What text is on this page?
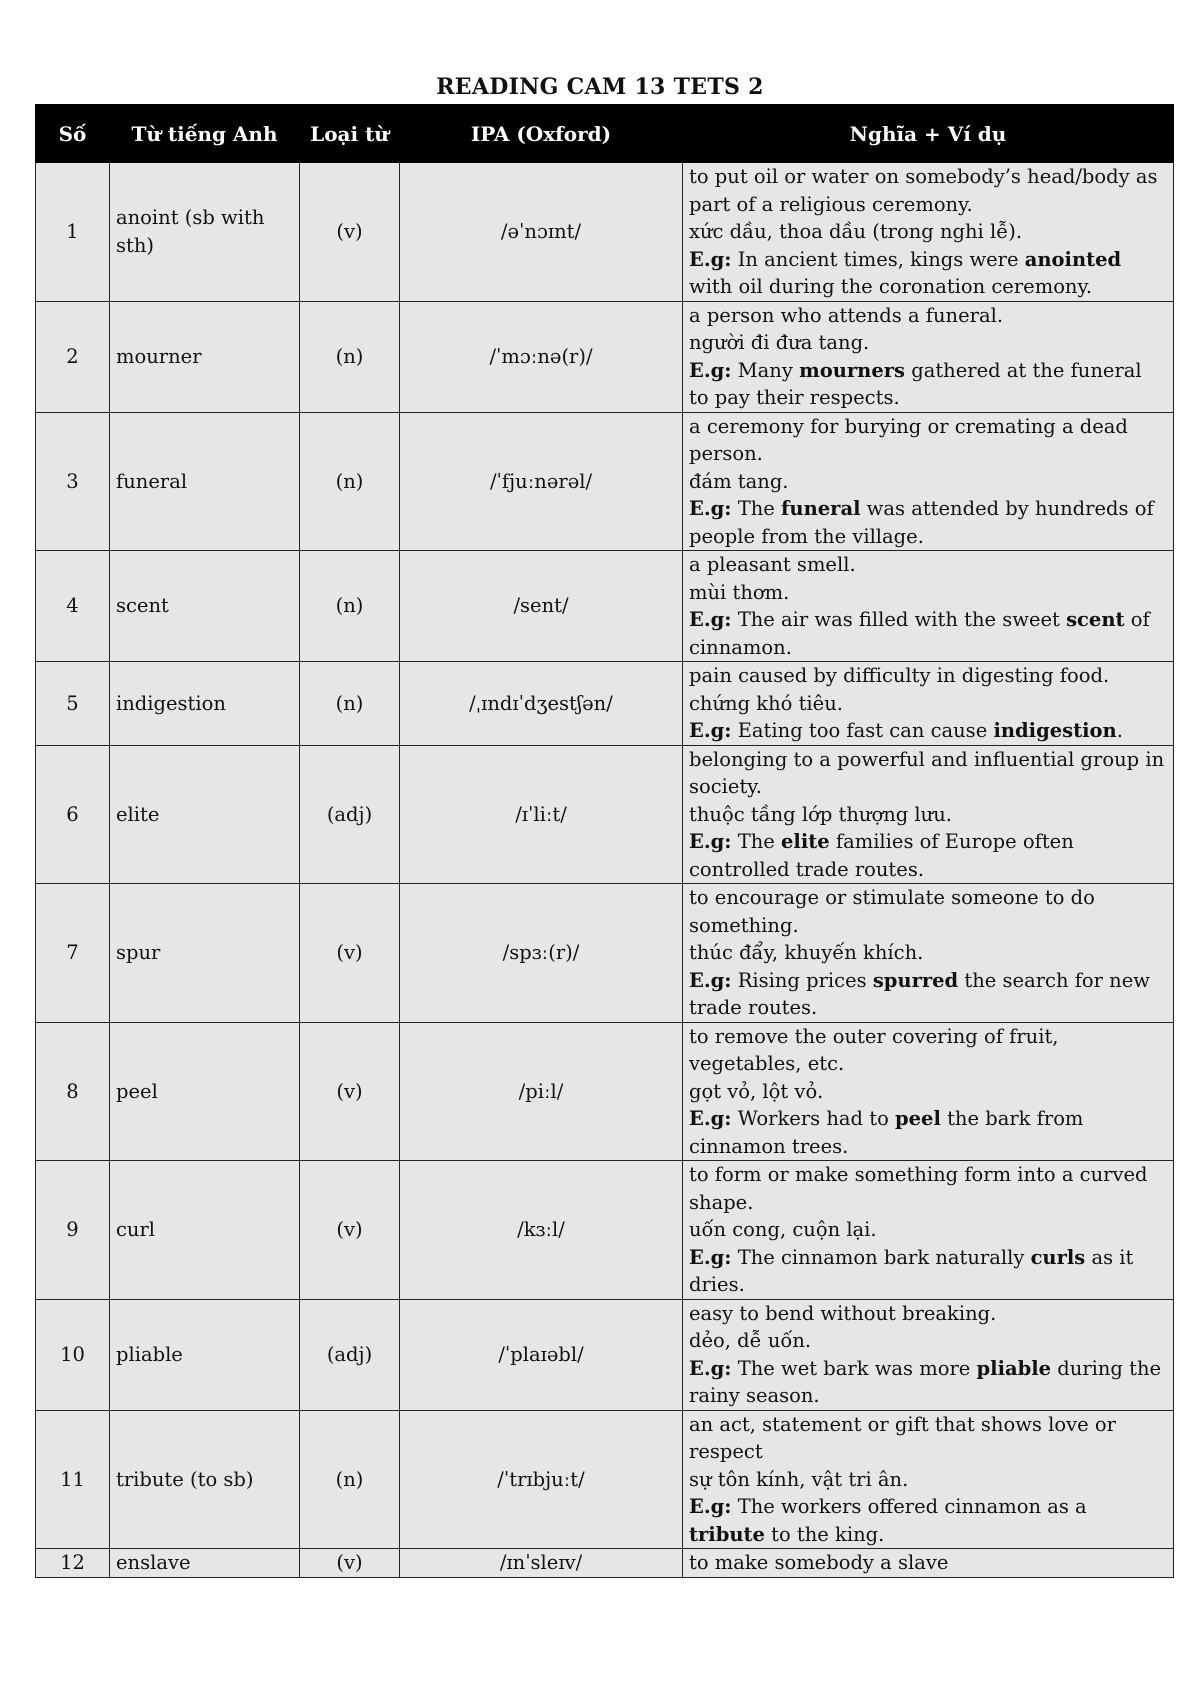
READING CAM 13 TETS 2
Số	Từ tiếng Anh	Loại từ	IPA (Oxford)	Nghĩa + Ví dụ
1	anoint (sb with sth)	(v)	/əˈnɔɪnt/	to put oil or water on somebody’s head/body as part of a religious ceremony.
xức dầu, thoa dầu (trong nghi lễ).
E.g: In ancient times, kings were anointed with oil during the coronation ceremony.

2	mourner	(n)	/ˈmɔːnə(r)/	a person who attends a funeral.
người đi đưa tang.
E.g: Many mourners gathered at the funeral to pay their respects.

3	funeral	(n)	/ˈfjuːnərəl/	a ceremony for burying or cremating a dead person.
đám tang.
E.g: The funeral was attended by hundreds of people from the village.

4	scent	(n)	/sent/	a pleasant smell.
mùi thơm.
E.g: The air was filled with the sweet scent of cinnamon.

5	indigestion	(n)	/ˌɪndɪˈdʒestʃən/	pain caused by difficulty in digesting food.
chứng khó tiêu.
E.g: Eating too fast can cause indigestion.

6	elite	(adj)	/ɪˈliːt/	belonging to a powerful and influential group in society.
thuộc tầng lớp thượng lưu.
E.g: The elite families of Europe often controlled trade routes.

7	spur	(v)	/spɜː(r)/	to encourage or stimulate someone to do something.
thúc đẩy, khuyến khích.
E.g: Rising prices spurred the search for new trade routes.

8	peel	(v)	/piːl/	to remove the outer covering of fruit, vegetables, etc.
gọt vỏ, lột vỏ.
E.g: Workers had to peel the bark from cinnamon trees.

9	curl	(v)	/kɜːl/	to form or make something form into a curved shape.
uốn cong, cuộn lại.
E.g: The cinnamon bark naturally curls as it dries.

10	pliable	(adj)	/ˈplaɪəbl/	easy to bend without breaking.
dẻo, dễ uốn.
E.g: The wet bark was more pliable during the rainy season.

11	tribute (to sb)	(n)	/ˈtrɪbjuːt/	an act, statement or gift that shows love or respect
sự tôn kính, vật tri ân.
E.g: The workers offered cinnamon as a tribute to the king.

12	enslave	(v)	/ɪnˈsleɪv/	to make somebody a slave
